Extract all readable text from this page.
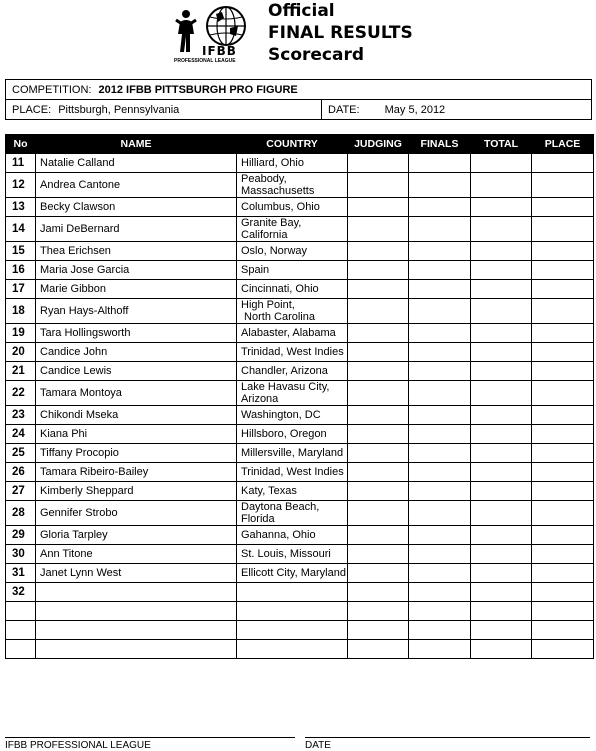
IFBB
PROFESSIONAL LEAGUE
Official
FINAL RESULTS
Scorecard
COMPETITION: 2012 IFBB PITTSBURGH PRO FIGURE
PLACE: Pittsburgh, Pennsylvania	DATE: May 5, 2012
No	NAME	COUNTRY	JUDGING	FINALS	TOTAL	PLACE
11	Natalie Calland	Hilliard, Ohio				

12	Andrea Cantone	Peabody,
Massachusetts				

13	Becky Clawson	Columbus, Ohio				

14	Jami DeBernard	Granite Bay,
California				

15	Thea Erichsen	Oslo, Norway				

16	Maria Jose Garcia	Spain				

17	Marie Gibbon	Cincinnati, Ohio				

18	Ryan Hays-Althoff	High Point,
North Carolina				

19	Tara Hollingsworth	Alabaster, Alabama				

20	Candice John	Trinidad, West Indies				

21	Candice Lewis	Chandler, Arizona				

22	Tamara Montoya	Lake Havasu City,
Arizona				

23	Chikondi Mseka	Washington, DC				

24	Kiana Phi	Hillsboro, Oregon				

25	Tiffany Procopio	Millersville, Maryland				

26	Tamara Ribeiro-Bailey	Trinidad, West Indies				

27	Kimberly Sheppard	Katy, Texas				

28	Gennifer Strobo	Daytona Beach,
Florida				

29	Gloria Tarpley	Gahanna, Ohio				

30	Ann Titone	St. Louis, Missouri				

31	Janet Lynn West	Ellicott City, Maryland				

32						

IFBB PROFESSIONAL LEAGUE	DATE
